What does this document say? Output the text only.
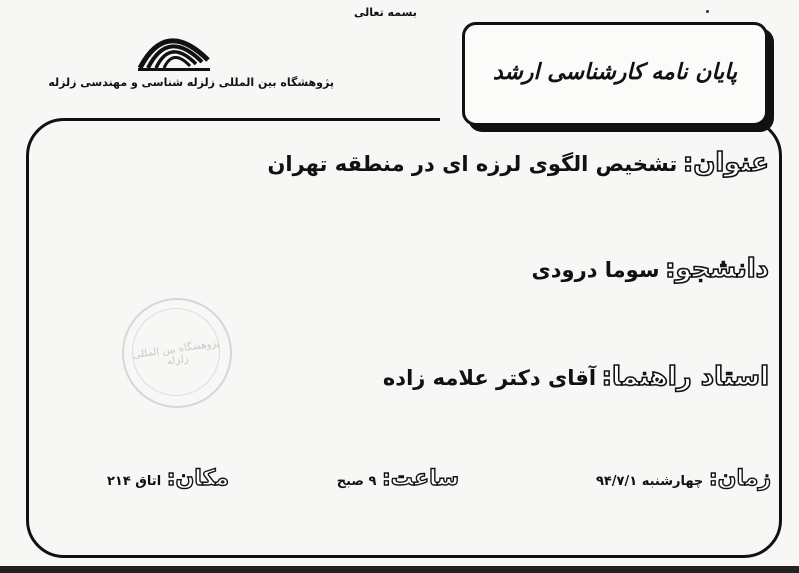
بسمه تعالی
پژوهشگاه بین المللی زلزله شناسی و مهندسی زلزله	پایان نامه کارشناسی ارشد
عنوان: تشخیص الگوی لرزه ای در منطقه تهران
دانشجو: سوما درودی
پژوهشگاه بین المللی زلزله
استاد راهنما: آقای دکتر علامه زاده
زمان: چهارشنبه ۹۴/۷/۱
ساعت: ۹ صبح
مکان: اتاق ۲۱۴
